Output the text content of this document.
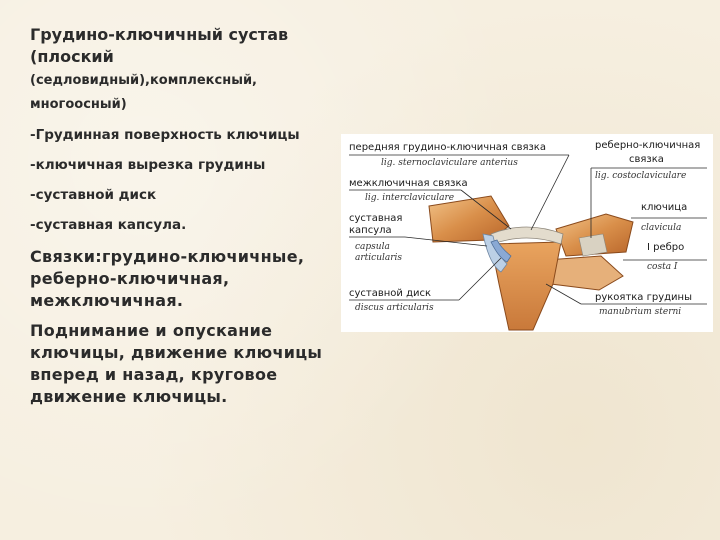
Грудино-ключичный сустав (плоский
(седловидный),комплексный, многоосный)
-Грудинная поверхность ключицы
-ключичная вырезка грудины
-суставной диск
-суставная капсула.
Связки:грудино-ключичные, реберно-ключичная, межключичная.
Поднимание и опускание ключицы, движение ключицы вперед и назад, круговое движение ключицы.
передняя грудино-ключичная связка
lig. sternoclaviculare anterius
межключичная связка
lig. interclaviculare
суставная
капсула
capsula
articularis
суставной диск
discus articularis
реберно-ключичная
связка
lig. costoclaviculare
ключица
clavicula
I ребро
costa I
рукоятка грудины
manubrium sterni
